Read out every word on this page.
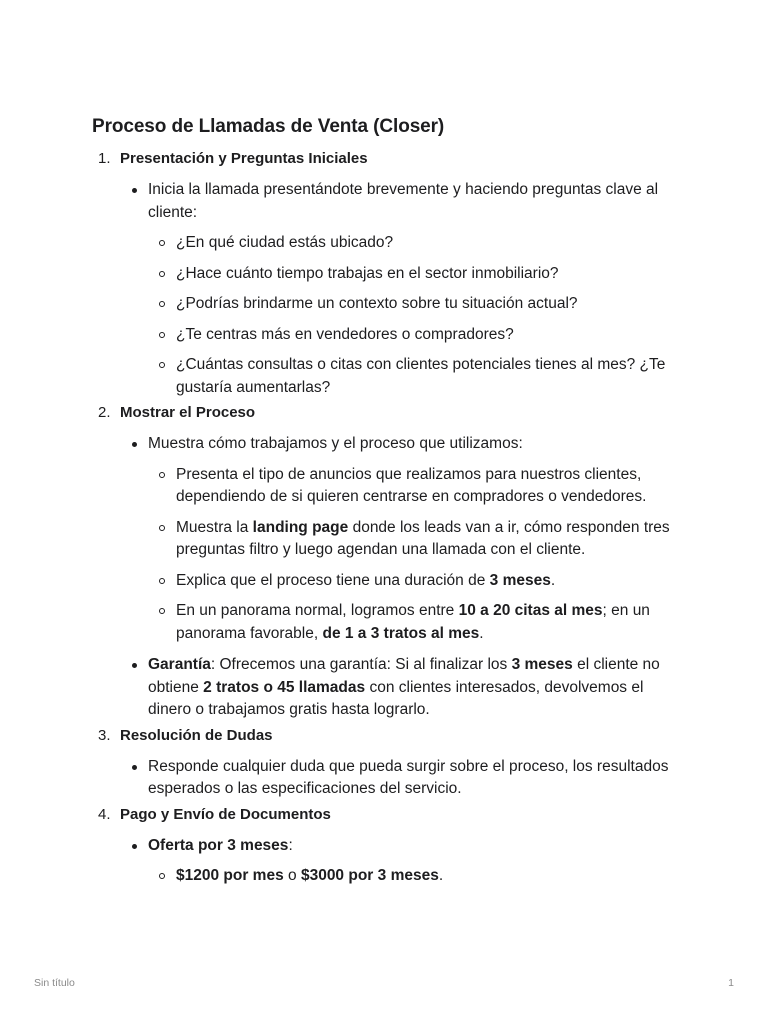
Proceso de Llamadas de Venta (Closer)
1. Presentación y Preguntas Iniciales
Inicia la llamada presentándote brevemente y haciendo preguntas clave al cliente:
¿En qué ciudad estás ubicado?
¿Hace cuánto tiempo trabajas en el sector inmobiliario?
¿Podrías brindarme un contexto sobre tu situación actual?
¿Te centras más en vendedores o compradores?
¿Cuántas consultas o citas con clientes potenciales tienes al mes? ¿Te gustaría aumentarlas?
2. Mostrar el Proceso
Muestra cómo trabajamos y el proceso que utilizamos:
Presenta el tipo de anuncios que realizamos para nuestros clientes, dependiendo de si quieren centrarse en compradores o vendedores.
Muestra la landing page donde los leads van a ir, cómo responden tres preguntas filtro y luego agendan una llamada con el cliente.
Explica que el proceso tiene una duración de 3 meses.
En un panorama normal, logramos entre 10 a 20 citas al mes; en un panorama favorable, de 1 a 3 tratos al mes.
Garantía: Ofrecemos una garantía: Si al finalizar los 3 meses el cliente no obtiene 2 tratos o 45 llamadas con clientes interesados, devolvemos el dinero o trabajamos gratis hasta lograrlo.
3. Resolución de Dudas
Responde cualquier duda que pueda surgir sobre el proceso, los resultados esperados o las especificaciones del servicio.
4. Pago y Envío de Documentos
Oferta por 3 meses:
$1200 por mes o $3000 por 3 meses.
Sin título	1
